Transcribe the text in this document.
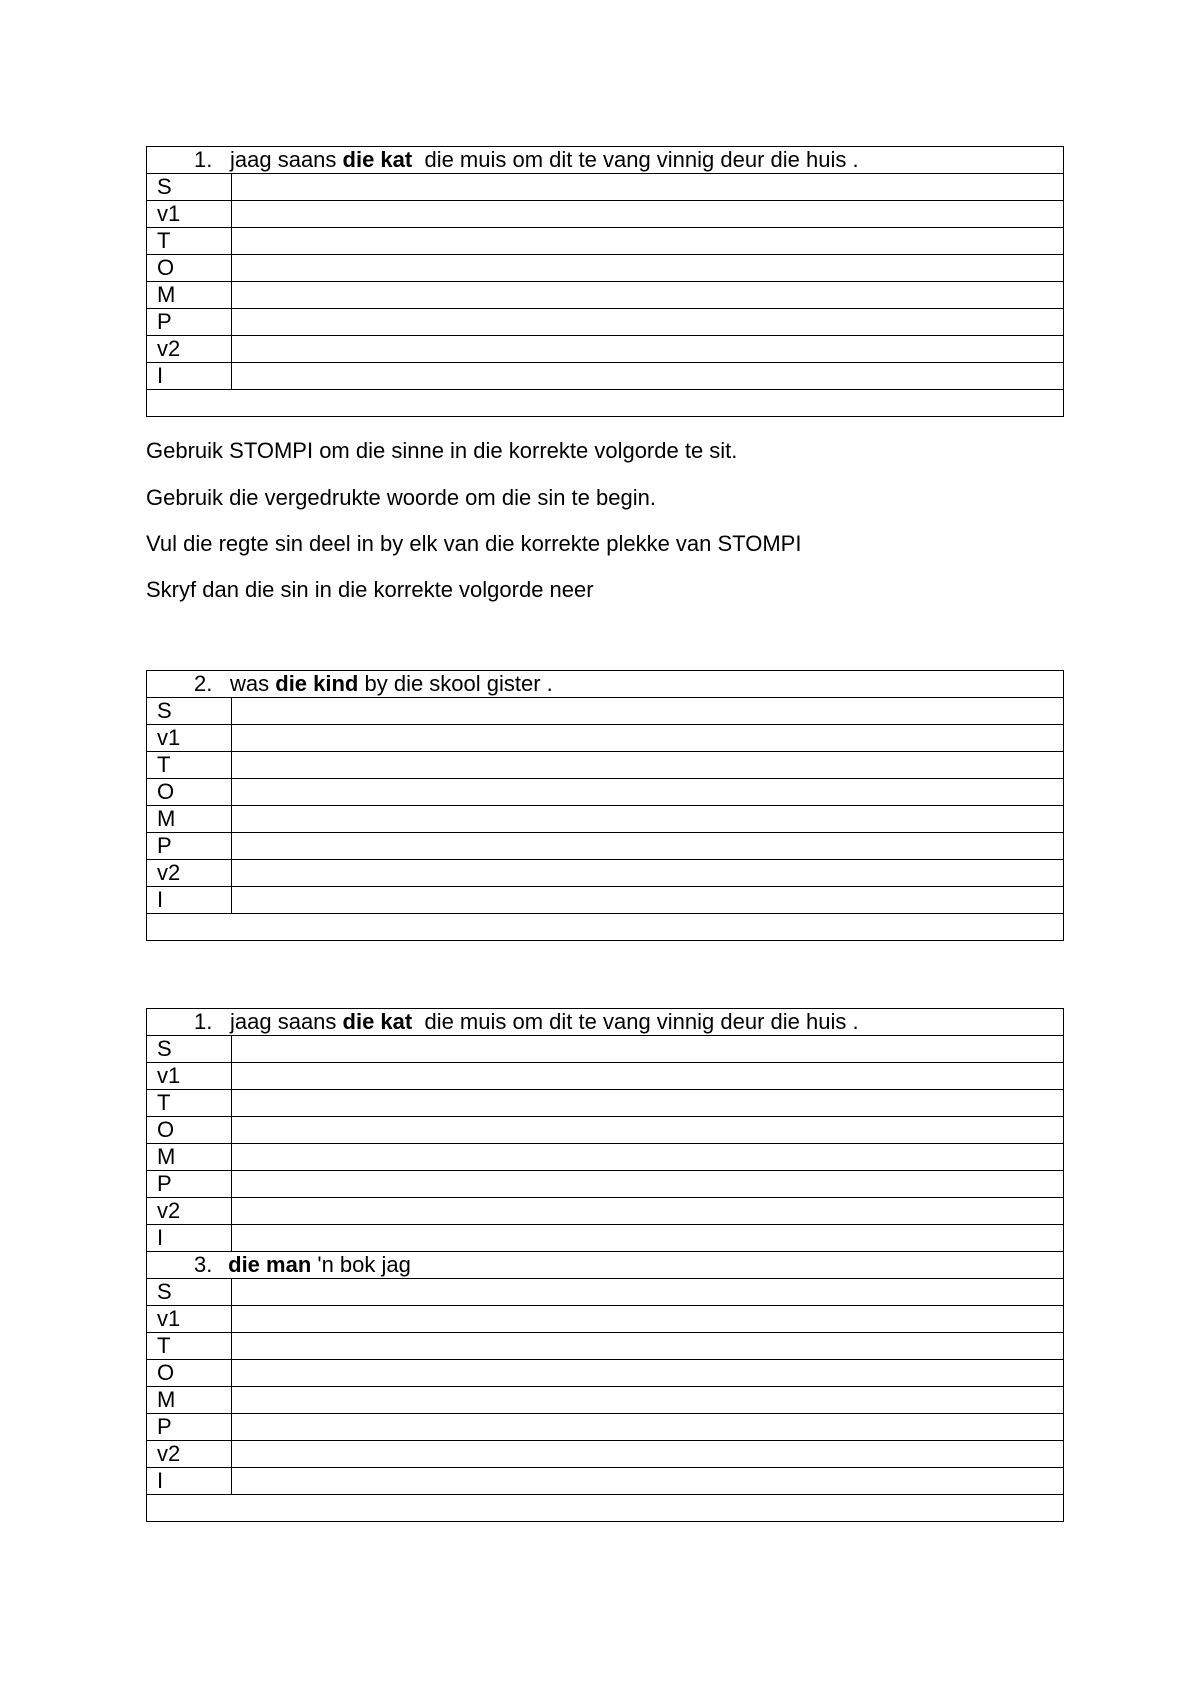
1. jaag saans die kat  die muis om dit te vang vinnig deur die huis .	
S	
v1	
T	
O	
M	
P	
v2	
I	

Gebruik STOMPI om die sinne in die korrekte volgorde te sit.

Gebruik die vergedrukte woorde om die sin te begin.

Vul die regte sin deel in by elk van die korrekte plekke van STOMPI

Skryf dan die sin in die korrekte volgorde neer

2. was die kind by die skool gister .	
S	
v1	
T	
O	
M	
P	
v2	
I	

1. jaag saans die kat  die muis om dit te vang vinnig deur die huis .	
S	
v1	
T	
O	
M	
P	
v2	
I	
3. die man 'n bok jag	
S	
v1	
T	
O	
M	
P	
v2	
I	
